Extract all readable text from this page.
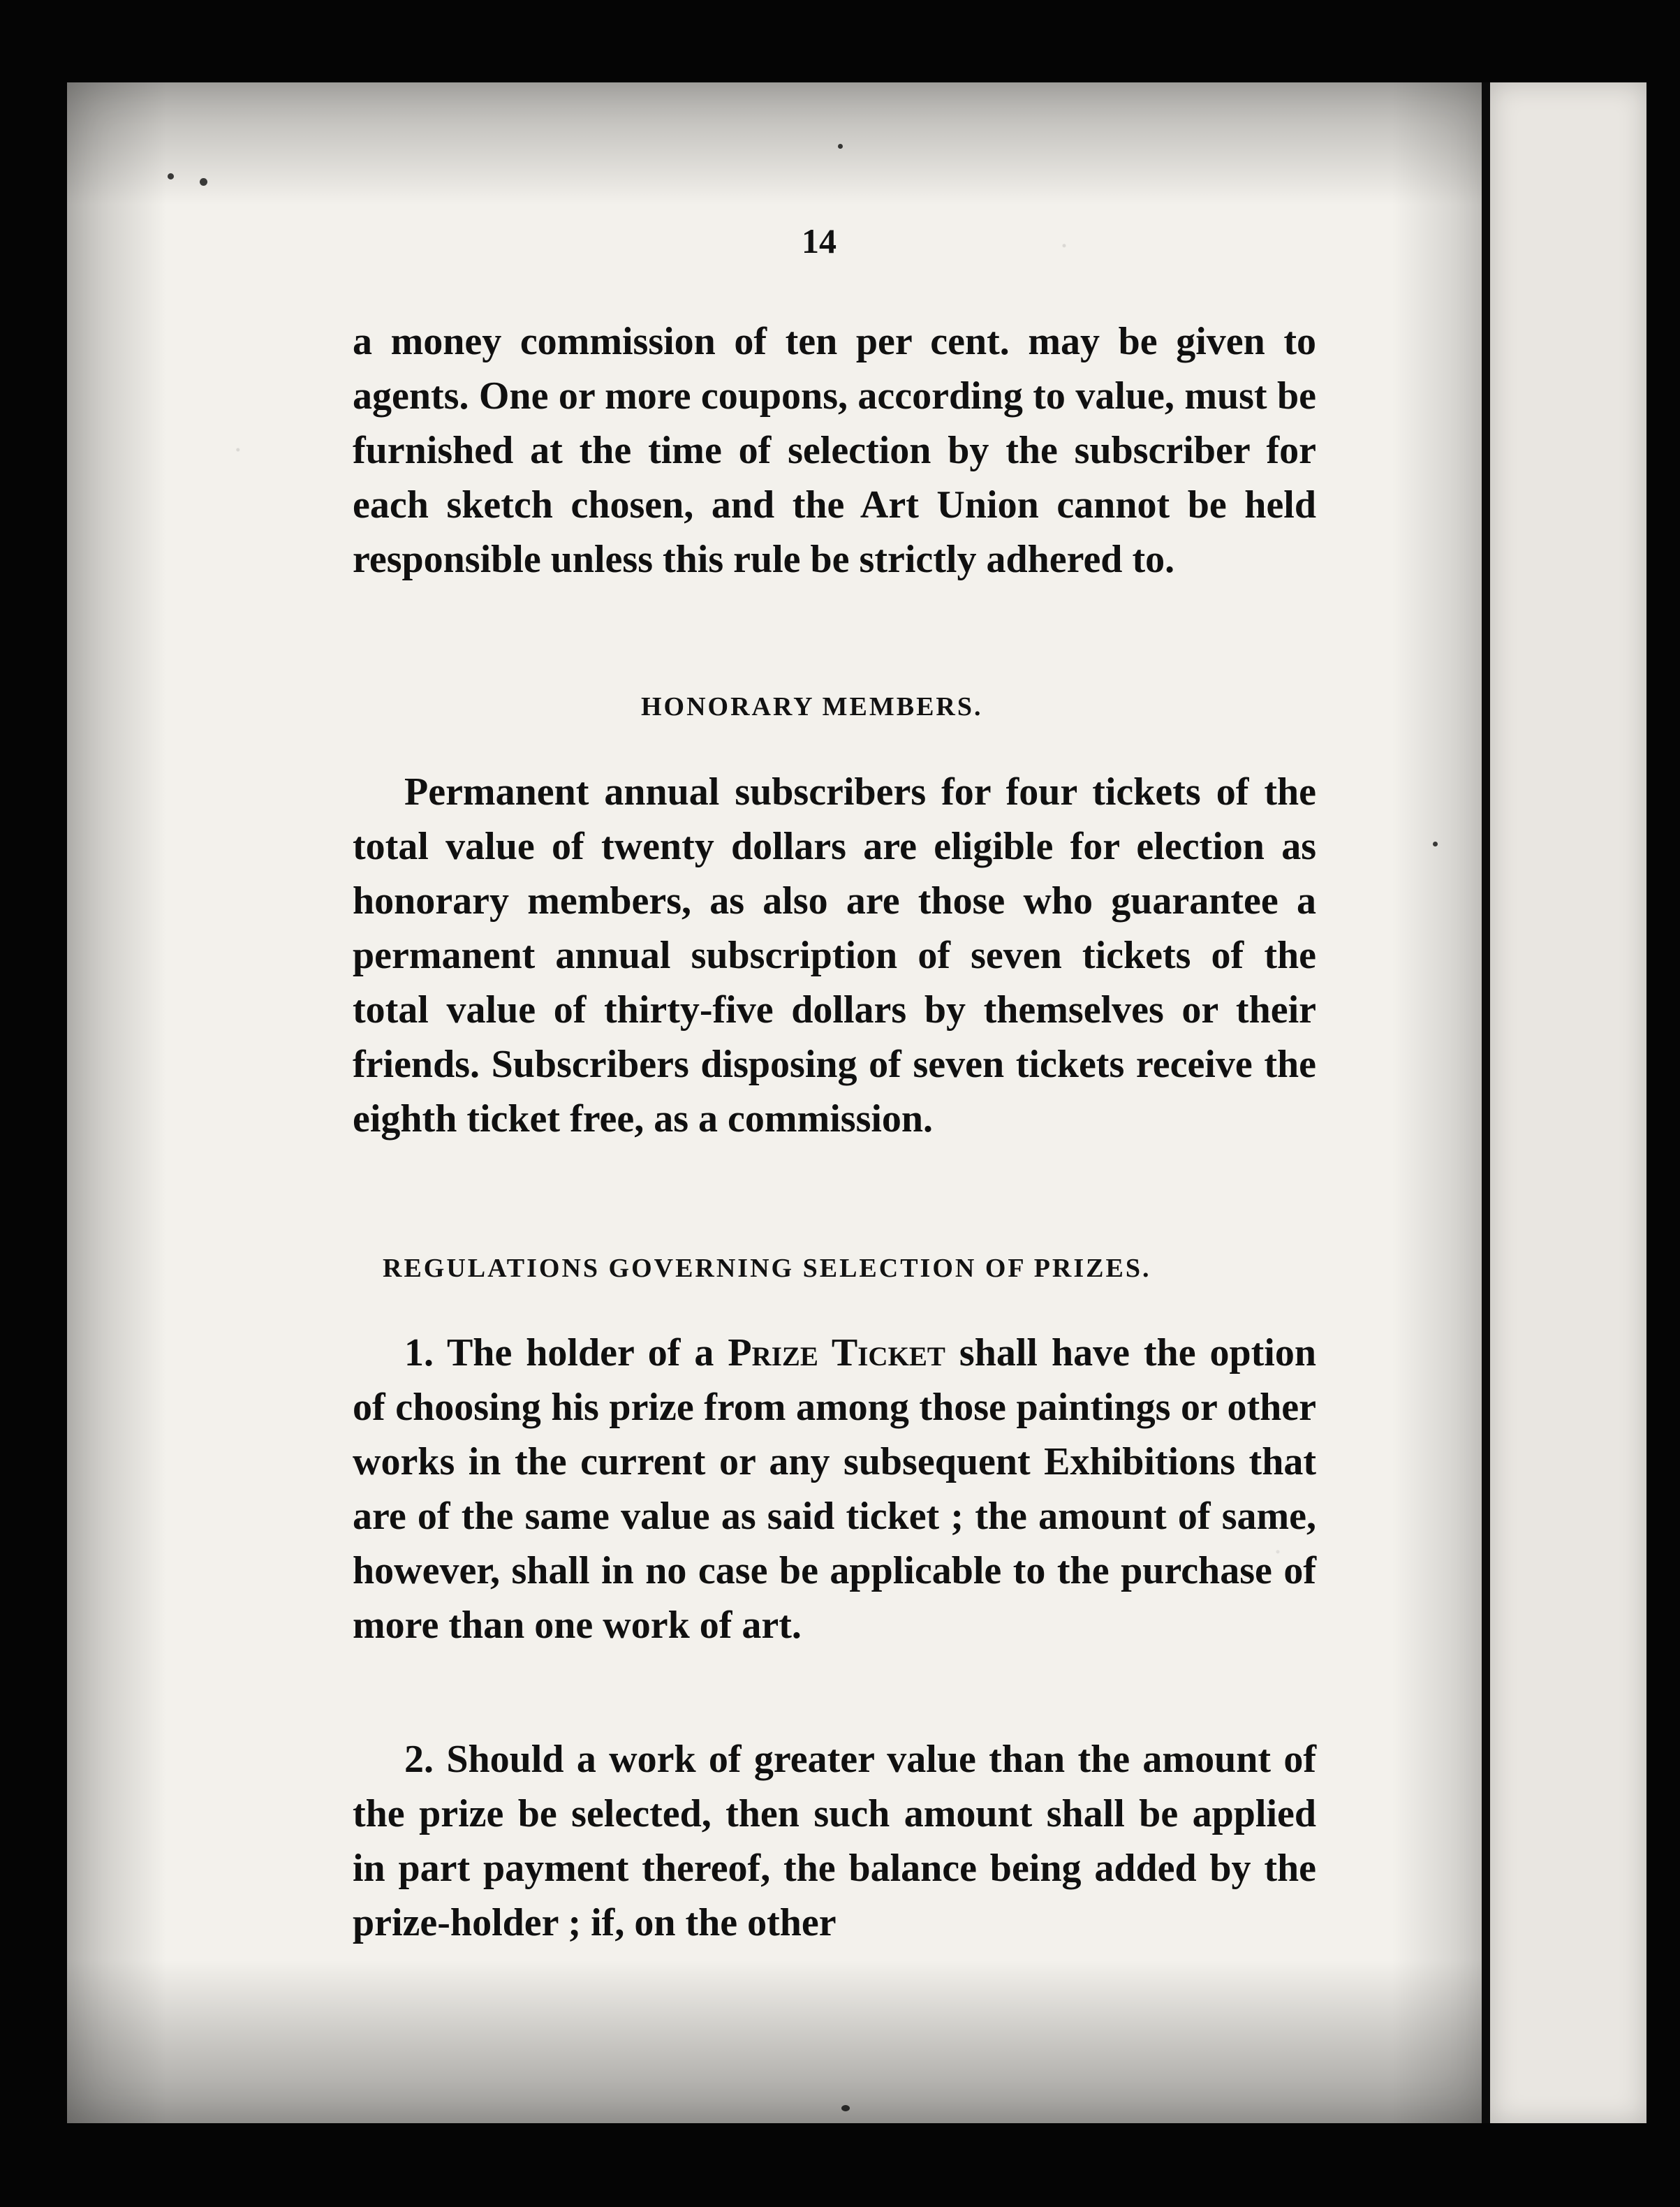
14

a money commission of ten per cent. may be given to agents. One or more coupons, according to value, must be furnished at the time of selection by the subscriber for each sketch chosen, and the Art Union cannot be held responsible unless this rule be strictly adhered to.

HONORARY MEMBERS.

Permanent annual subscribers for four tickets of the total value of twenty dollars are eligible for election as honorary members, as also are those who guarantee a permanent annual subscription of seven tickets of the total value of thirty-five dollars by themselves or their friends. Subscribers disposing of seven tickets receive the eighth ticket free, as a commission.

REGULATIONS GOVERNING SELECTION OF PRIZES.

1. The holder of a Prize Ticket shall have the option of choosing his prize from among those paintings or other works in the current or any subsequent Exhibitions that are of the same value as said ticket ; the amount of same, however, shall in no case be applicable to the purchase of more than one work of art.

2. Should a work of greater value than the amount of the prize be selected, then such amount shall be applied in part payment thereof, the balance being added by the prize-holder ; if, on the other
